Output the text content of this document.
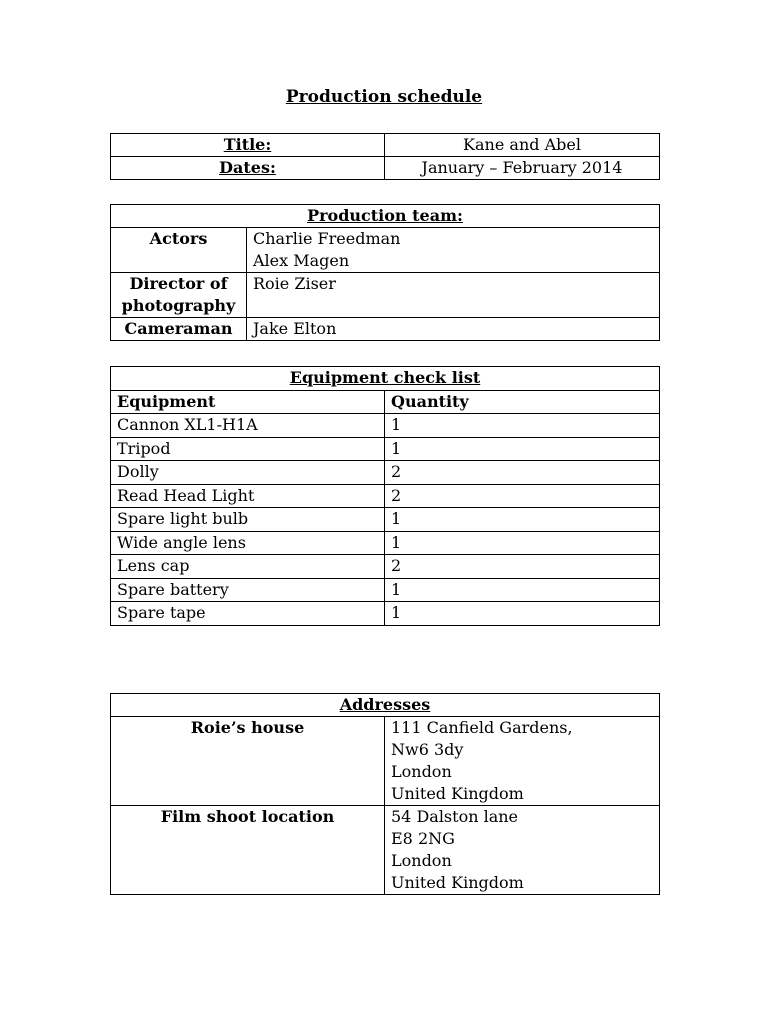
Production schedule
Title:	Kane and Abel
Dates:	January – February 2014
Production team:	
Actors	Charlie Freedman
Alex Magen

Director of
photography	Roie Ziser
Cameraman	Jake Elton
Equipment check list	
Equipment	Quantity
Cannon XL1-H1A	1
Tripod	1
Dolly	2
Read Head Light	2
Spare light bulb	1
Wide angle lens	1
Lens cap	2
Spare battery	1
Spare tape	1
Addresses	
Roie’s house	111 Canfield Gardens,
Nw6 3dy
London
United Kingdom

Film shoot location	54 Dalston lane
E8 2NG
London
United Kingdom
